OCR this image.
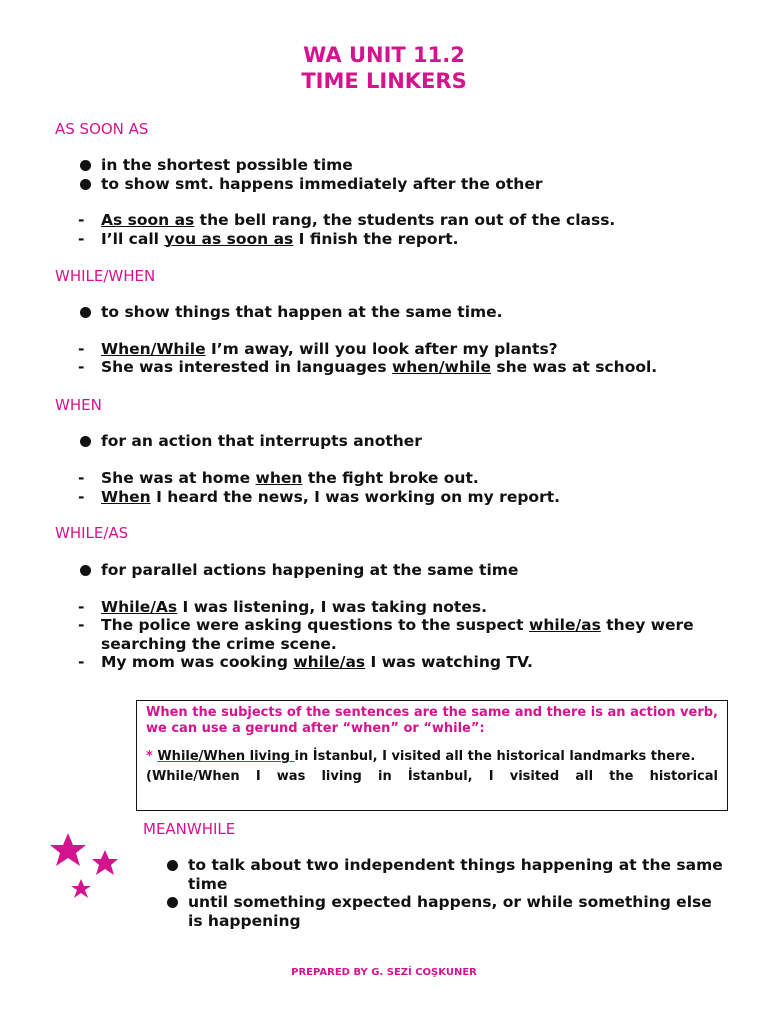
WA UNIT 11.2
TIME LINKERS
AS SOON AS
in the shortest possible time
to show smt. happens immediately after the other
-	As soon as the bell rang, the students ran out of the class.
-	I’ll call you as soon as I finish the report.
WHILE/WHEN
to show things that happen at the same time.
-	When/While I’m away, will you look after my plants?
-	She was interested in languages when/while she was at school.
WHEN
for an action that interrupts another
-	She was at home when the fight broke out.
-	When I heard the news, I was working on my report.
WHILE/AS
for parallel actions happening at the same time
-	While/As I was listening, I was taking notes.
-	The police were asking questions to the suspect while/as they were searching the crime scene.
-	My mom was cooking while/as I was watching TV.
When the subjects of the sentences are the same and there is an action verb, we can use a gerund after “when” or “while”:
* While/When living in İstanbul, I visited all the historical landmarks there.
(While/When I was living in İstanbul, I visited all the historical
MEANWHILE
to talk about two independent things happening at the same time
until something expected happens, or while something else is happening
PREPARED BY G. SEZİ COŞKUNER
